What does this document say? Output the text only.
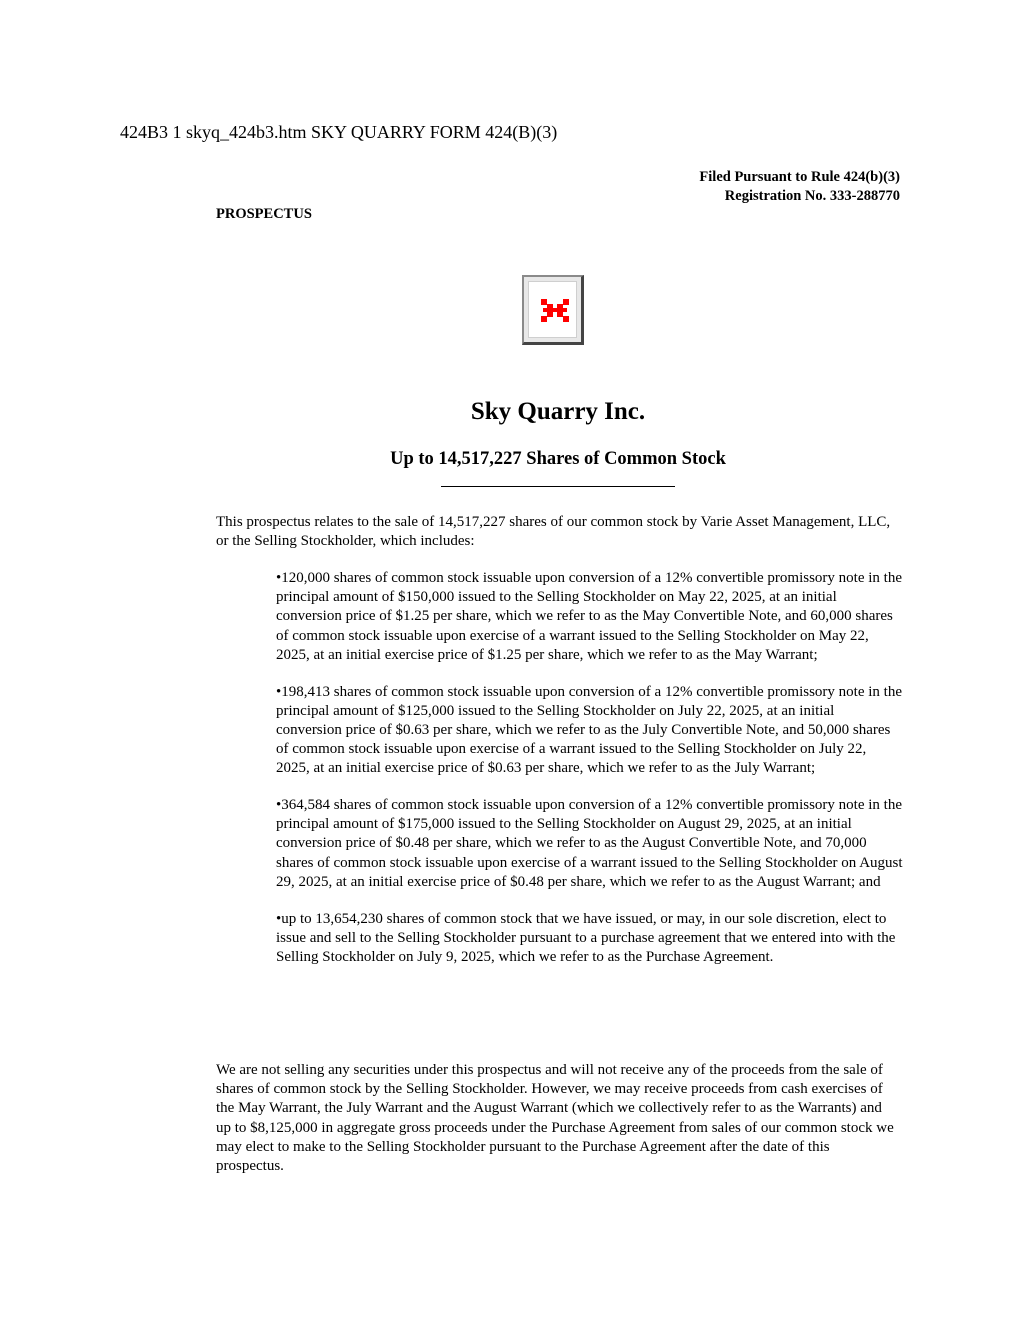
424B3 1 skyq_424b3.htm SKY QUARRY FORM 424(B)(3)
Filed Pursuant to Rule 424(b)(3)
Registration No. 333-288770
PROSPECTUS
Sky Quarry Inc.
Up to 14,517,227 Shares of Common Stock

This prospectus relates to the sale of 14,517,227 shares of our common stock by Varie Asset Management, LLC, or the Selling Stockholder, which includes:

•120,000 shares of common stock issuable upon conversion of a 12% convertible promissory note in the principal amount of $150,000 issued to the Selling Stockholder on May 22, 2025, at an initial conversion price of $1.25 per share, which we refer to as the May Convertible Note, and 60,000 shares of common stock issuable upon exercise of a warrant issued to the Selling Stockholder on May 22, 2025, at an initial exercise price of $1.25 per share, which we refer to as the May Warrant;
•198,413 shares of common stock issuable upon conversion of a 12% convertible promissory note in the principal amount of $125,000 issued to the Selling Stockholder on July 22, 2025, at an initial conversion price of $0.63 per share, which we refer to as the July Convertible Note, and 50,000 shares of common stock issuable upon exercise of a warrant issued to the Selling Stockholder on July 22, 2025, at an initial exercise price of $0.63 per share, which we refer to as the July Warrant;
•364,584 shares of common stock issuable upon conversion of a 12% convertible promissory note in the principal amount of $175,000 issued to the Selling Stockholder on August 29, 2025, at an initial conversion price of $0.48 per share, which we refer to as the August Convertible Note, and 70,000 shares of common stock issuable upon exercise of a warrant issued to the Selling Stockholder on August 29, 2025, at an initial exercise price of $0.48 per share, which we refer to as the August Warrant; and
•up to 13,654,230 shares of common stock that we have issued, or may, in our sole discretion, elect to issue and sell to the Selling Stockholder pursuant to a purchase agreement that we entered into with the Selling Stockholder on July 9, 2025, which we refer to as the Purchase Agreement.

We are not selling any securities under this prospectus and will not receive any of the proceeds from the sale of shares of common stock by the Selling Stockholder. However, we may receive proceeds from cash exercises of the May Warrant, the July Warrant and the August Warrant (which we collectively refer to as the Warrants) and up to $8,125,000 in aggregate gross proceeds under the Purchase Agreement from sales of our common stock we may elect to make to the Selling Stockholder pursuant to the Purchase Agreement after the date of this prospectus.
